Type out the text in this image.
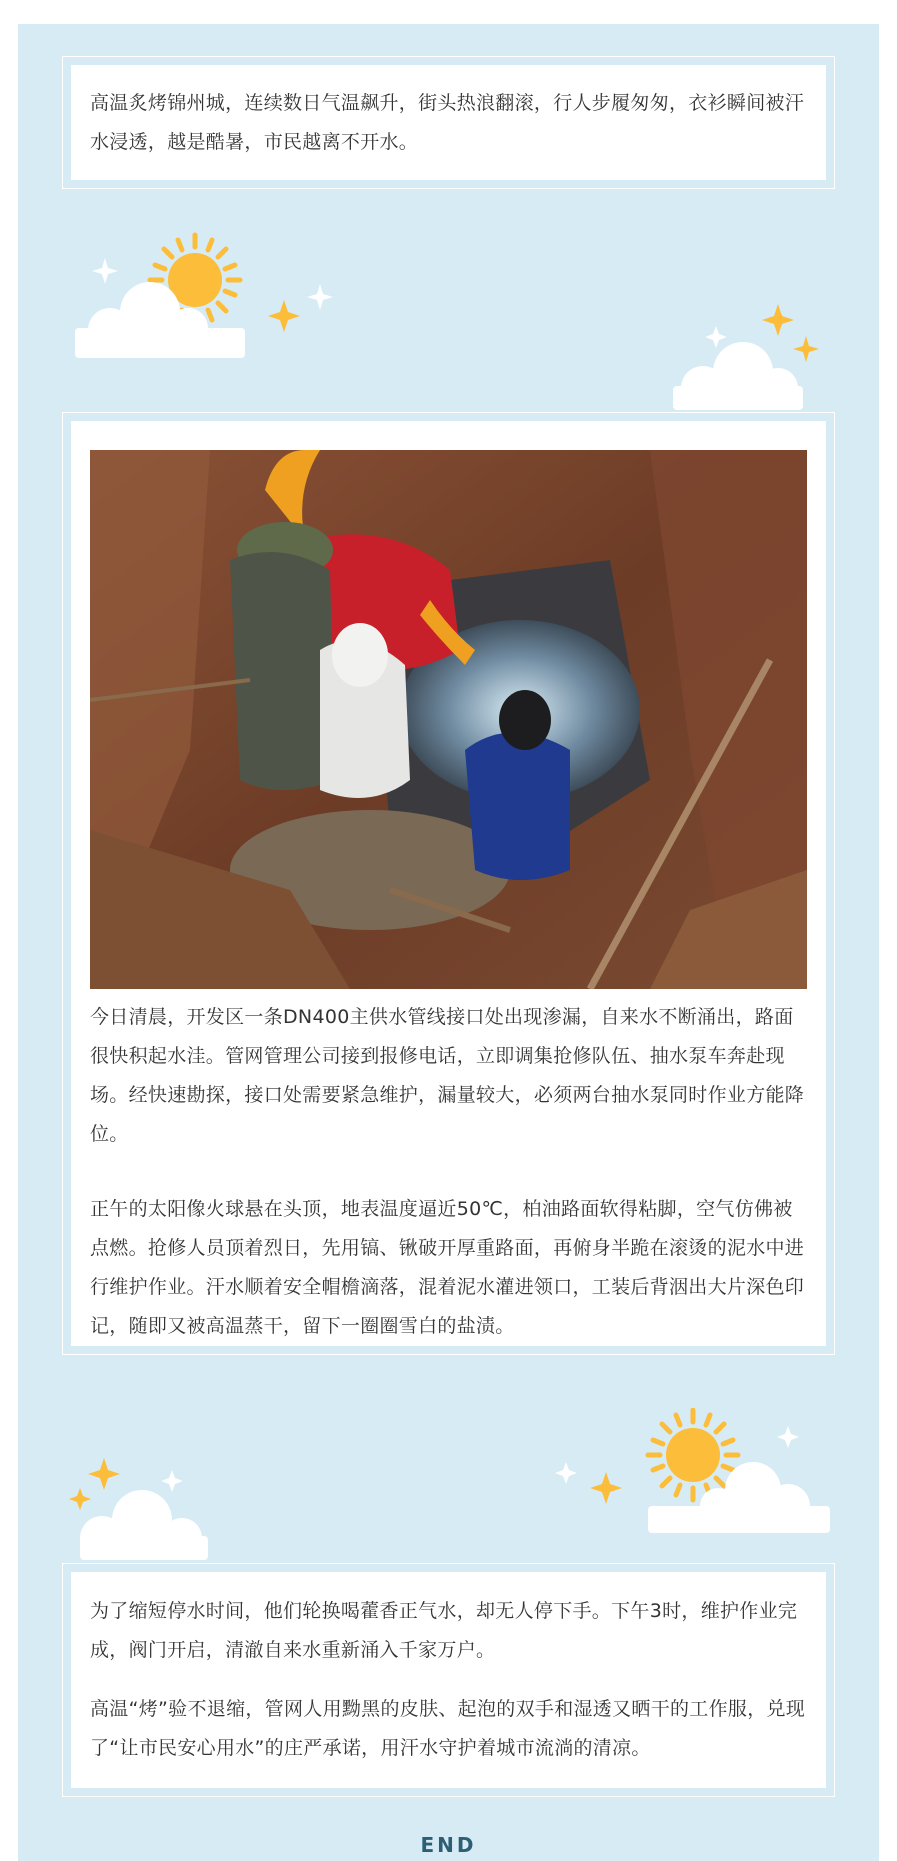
高温炙烤锦州城，连续数日气温飙升，街头热浪翻滚，行人步履匆匆，衣衫瞬间被汗水浸透，越是酷暑，市民越离不开水。

今日清晨，开发区一条DN400主供水管线接口处出现渗漏，自来水不断涌出，路面很快积起水洼。管网管理公司接到报修电话，立即调集抢修队伍、抽水泵车奔赴现场。经快速勘探，接口处需要紧急维护，漏量较大，必须两台抽水泵同时作业方能降位。

正午的太阳像火球悬在头顶，地表温度逼近50℃，柏油路面软得粘脚，空气仿佛被点燃。抢修人员顶着烈日，先用镐、锹破开厚重路面，再俯身半跪在滚烫的泥水中进行维护作业。汗水顺着安全帽檐滴落，混着泥水灌进领口，工装后背洇出大片深色印记，随即又被高温蒸干，留下一圈圈雪白的盐渍。

为了缩短停水时间，他们轮换喝藿香正气水，却无人停下手。下午3时，维护作业完成，阀门开启，清澈自来水重新涌入千家万户。

高温“烤”验不退缩，管网人用黝黑的皮肤、起泡的双手和湿透又晒干的工作服，兑现了“让市民安心用水”的庄严承诺，用汗水守护着城市流淌的清凉。

END
